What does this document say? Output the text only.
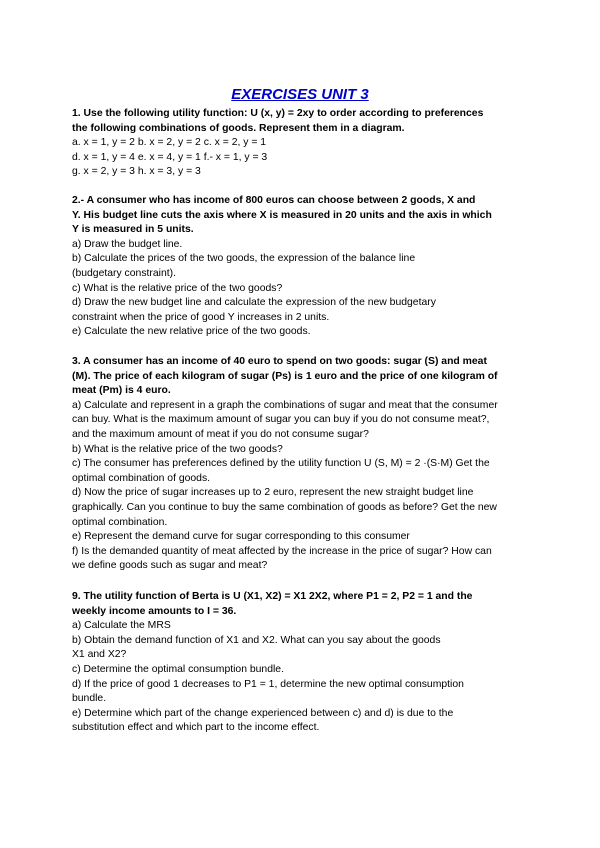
EXERCISES UNIT 3
1. Use the following utility function: U (x, y) = 2xy to order according to preferences
the following combinations of goods. Represent them in a diagram.
a. x = 1, y = 2 b. x = 2, y = 2 c. x = 2, y = 1
d. x = 1, y = 4 e. x = 4, y = 1 f.- x = 1, y = 3
g. x = 2, y = 3 h. x = 3, y = 3
2.- A consumer who has income of 800 euros can choose between 2 goods, X and
Y. His budget line cuts the axis where X is measured in 20 units and the axis in which
Y is measured in 5 units.
a) Draw the budget line.
b) Calculate the prices of the two goods, the expression of the balance line
(budgetary constraint).
c) What is the relative price of the two goods?
d) Draw the new budget line and calculate the expression of the new budgetary
constraint when the price of good Y increases in 2 units.
e) Calculate the new relative price of the two goods.
3. A consumer has an income of 40 euro to spend on two goods: sugar (S) and meat
(M). The price of each kilogram of sugar (Ps) is 1 euro and the price of one kilogram of
meat (Pm) is 4 euro.
a) Calculate and represent in a graph the combinations of sugar and meat that the consumer
can buy. What is the maximum amount of sugar you can buy if you do not consume meat?,
and the maximum amount of meat if you do not consume sugar?
b) What is the relative price of the two goods?
c) The consumer has preferences defined by the utility function U (S, M) = 2 ·(S·M) Get the
optimal combination of goods.
d) Now the price of sugar increases up to 2 euro, represent the new straight budget line
graphically. Can you continue to buy the same combination of goods as before? Get the new
optimal combination.
e) Represent the demand curve for sugar corresponding to this consumer
f) Is the demanded quantity of meat affected by the increase in the price of sugar? How can
we define goods such as sugar and meat?
9. The utility function of Berta is U (X1, X2) = X1 2X2, where P1 = 2, P2 = 1 and the
weekly income amounts to I = 36.
a) Calculate the MRS
b) Obtain the demand function of X1 and X2. What can you say about the goods
X1 and X2?
c) Determine the optimal consumption bundle.
d) If the price of good 1 decreases to P1 = 1, determine the new optimal consumption
bundle.
e) Determine which part of the change experienced between c) and d) is due to the
substitution effect and which part to the income effect.
